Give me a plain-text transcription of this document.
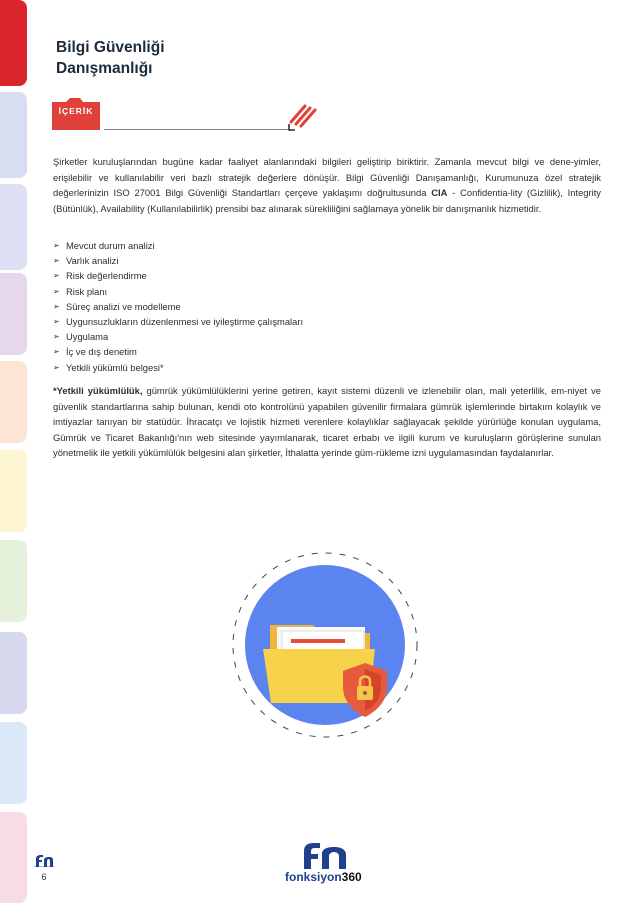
Bilgi Güvenliği
Danışmanlığı
İÇERİK
Şirketler kuruluşlarından bugüne kadar faaliyet alanlarındaki bilgileri geliştirip biriktirir. Zamanla mevcut bilgi ve dene-yimler, erişilebilir ve kullanılabilir veri bazlı stratejik değerlere dönüşür. Bilgi Güvenliği Danışamanlığı, Kurumunuza özel stratejik değerlerinizin ISO 27001 Bilgi Güvenliği Standartları çerçeve yaklaşımı doğrultusunda CIA - Confidentia-lity (Gizlilik), Integrity (Bütünlük), Availability (Kullanılabilirlik) prensibi baz alınarak sürekliliğini sağlamaya yönelik bir danışmanlık hizmetidir.
➢ Mevcut durum analizi
➢ Varlık analizi
➢ Risk değerlendirme
➢ Risk planı
➢ Süreç analizi ve modelleme
➢ Uygunsuzlukların düzenlenmesi ve iyileştirme çalışmaları
➢ Uygulama
➢ İç ve dış denetim
➢ Yetkili yükümlü belgesi*
*Yetkili yükümlülük, gümrük yükümlülüklerini yerine getiren, kayıt sistemi düzenli ve izlenebilir olan, mali yeterlilik, em-niyet ve güvenlik standartlarına sahip bulunan, kendi oto kontrolünü yapabilen güvenilir firmalara gümrük işlemlerinde birtakım kolaylık ve imtiyazlar tanıyan bir statüdür. İhracatçı ve lojistik hizmeti verenlere kolaylıklar sağlayacak şekilde yürürlüğe konulan uygulama, Gümrük ve Ticaret Bakanlığı'nın web sitesinde yayımlanarak, ticaret erbabı ve ilgili kurum ve kuruluşların görüşlerine sunulan yönetmelik ile yetkili yükümlülük belgesini alan şirketler, İthalatta yerinde güm-rükleme izni uygulamasından faydalanırlar.
fonksiyon360
6
